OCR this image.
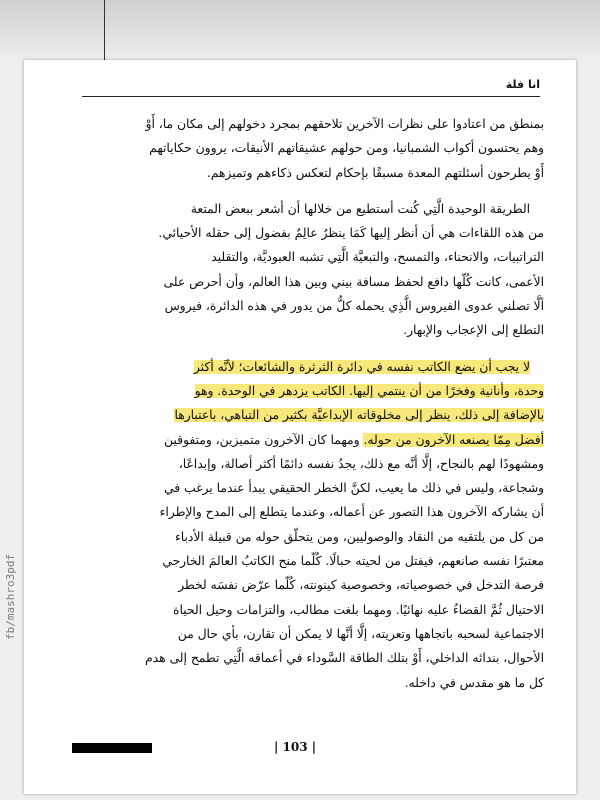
انا فلة
بمنطق من اعتادوا على نظرات الآخرين تلاحقهم بمجرد دخولهم إلى مكان ما، أَوْ
وهم يحتسون أكواب الشمبانيا، ومن حولهم عشيقاتهم الأنيقات، يروون حكاياتهم
أَوْ يطرحون أسئلتهم المعدة مسبقًا بإحكام لتعكس ذكاءهم وتميزهم.
الطريقة الوحيدة الَّتِي كُنت أستطيع من خلالها أن أشعر ببعض المتعة
من هذه اللقاءات هي أن أنظر إليها كَمَا ينظرُ عالِمٌ بفضول إلى حقله الأحيائي.
التراتبيات، والانحناء، والتمسح، والتبعيَّة الَّتِي تشبه العبوديَّة، والتقليد
الأعمى، كانت كُلّها دافع لحفظ مسافة بيني وبين هذا العالم، وأن أحرص على
ألَّا تصلني عدوى الفيروس الَّذِي يحمله كلُّ من يدور في هذه الدائرة، فيروس
التطلع إلى الإعجاب والإبهار.
لا يجب أن يضع الكاتب نفسه في دائرة الثرثرة والشائعات؛ لأنَّه أكثر
وحدة، وأنانية وفخرًا من أن ينتمي إليها. الكاتب يزدهر في الوحدة. وهو
بالإضافة إلى ذلك، ينظر إلى مخلوقاته الإبداعيَّة بكثير من التباهي، باعتبارها
أفضل مِمّا يصنعه الآخرون من حوله. ومهما كان الآخرون متميزين، ومتفوقين
ومشهودًا لهم بالنجاح، إلَّا أنَّه مع ذلك، يجدُ نفسه دائمًا أكثر أصالة، وإبداعًا،
وشجاعة، وليس في ذلك ما يعيب، لكنَّ الخطر الحقيقي يبدأ عندما يرغب في
أن يشاركه الآخرون هذا التصور عن أعماله، وعندما يتطلع إلى المدح والإطراء
من كل من يلتقيه من النقاد والوصوليين، ومن يتحلّق حوله من قبيلة الأدباء
معتبرًا نفسه صانعهم، فيفتل من لحيته حبالًا. كُلّما منح الكاتبُ العالمَ الخارجي
فرصة التدخل في خصوصياته، وخصوصية كينونته، كُلّما عرّض نفسَه لخطر
الاحتيال ثُمَّ القضاءُ عليه نهائيًا. ومهما بلغت مطالب، والتزامات وحيل الحياة
الاجتماعية لسحبه باتجاهها وتعريته، إلَّا أنَّها لا يمكن أن تقارن، بأي حال من
الأحوال، بندائه الداخلي، أَوْ بتلك الطاقة السَّوداء في أعماقه الَّتِي تطمح إلى هدم
كل ما هو مقدس في داخله.
| 103 |
fb/mashro3pdf
